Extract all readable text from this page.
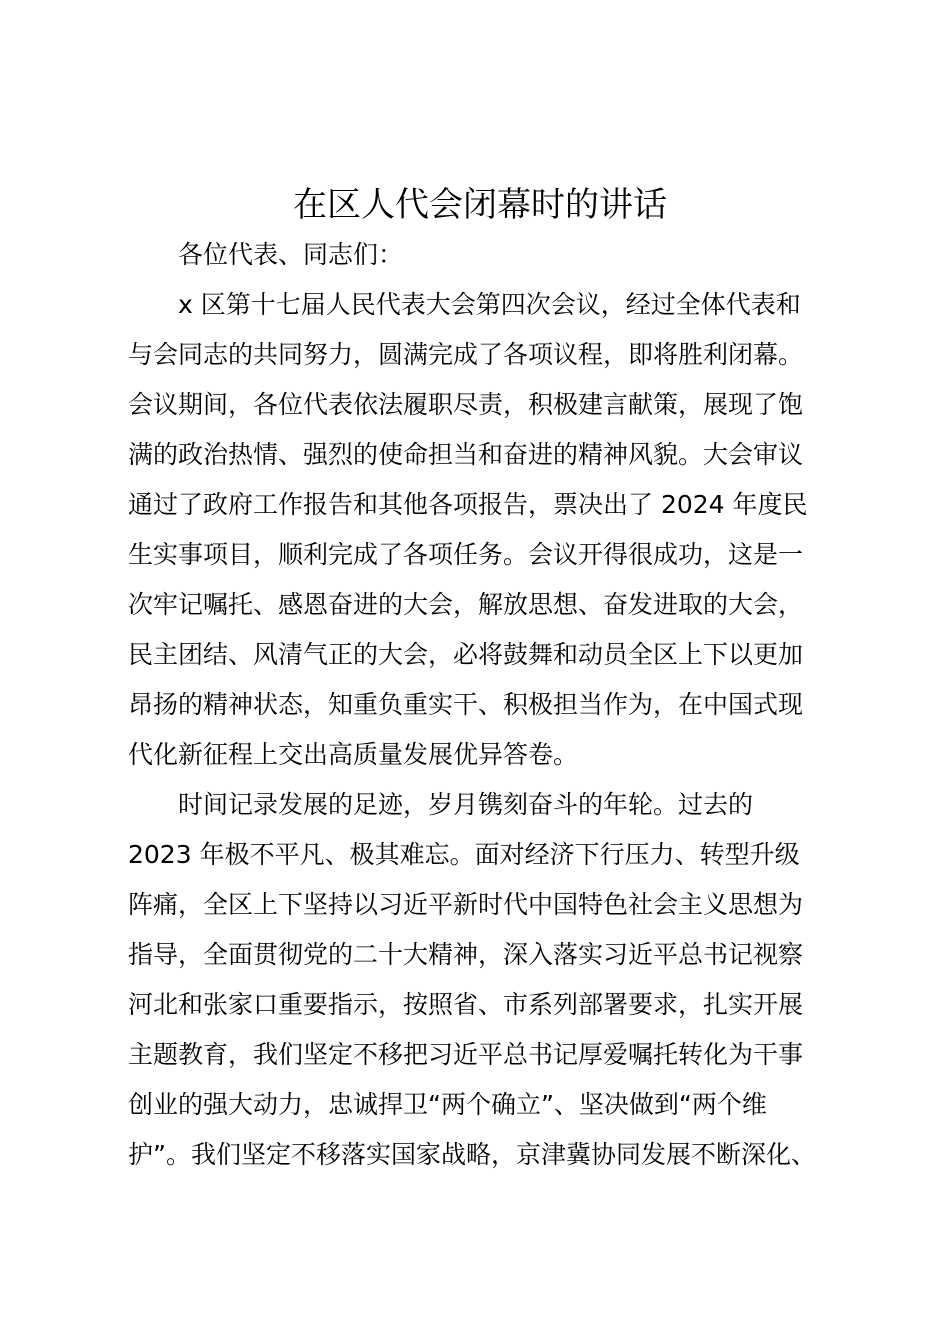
在区人代会闭幕时的讲话
各位代表、同志们：
x 区第十七届人民代表大会第四次会议，经过全体代表和
与会同志的共同努力，圆满完成了各项议程，即将胜利闭幕。
会议期间，各位代表依法履职尽责，积极建言献策，展现了饱
满的政治热情、强烈的使命担当和奋进的精神风貌。大会审议
通过了政府工作报告和其他各项报告，票决出了 2024 年度民
生实事项目，顺利完成了各项任务。会议开得很成功，这是一
次牢记嘱托、感恩奋进的大会，解放思想、奋发进取的大会，
民主团结、风清气正的大会，必将鼓舞和动员全区上下以更加
昂扬的精神状态，知重负重实干、积极担当作为，在中国式现
代化新征程上交出高质量发展优异答卷。
时间记录发展的足迹，岁月镌刻奋斗的年轮。过去的
2023 年极不平凡、极其难忘。面对经济下行压力、转型升级
阵痛，全区上下坚持以习近平新时代中国特色社会主义思想为
指导，全面贯彻党的二十大精神，深入落实习近平总书记视察
河北和张家口重要指示，按照省、市系列部署要求，扎实开展
主题教育，我们坚定不移把习近平总书记厚爱嘱托转化为干事
创业的强大动力，忠诚捍卫“两个确立”、坚决做到“两个维
护”。我们坚定不移落实国家战略，京津冀协同发展不断深化、
